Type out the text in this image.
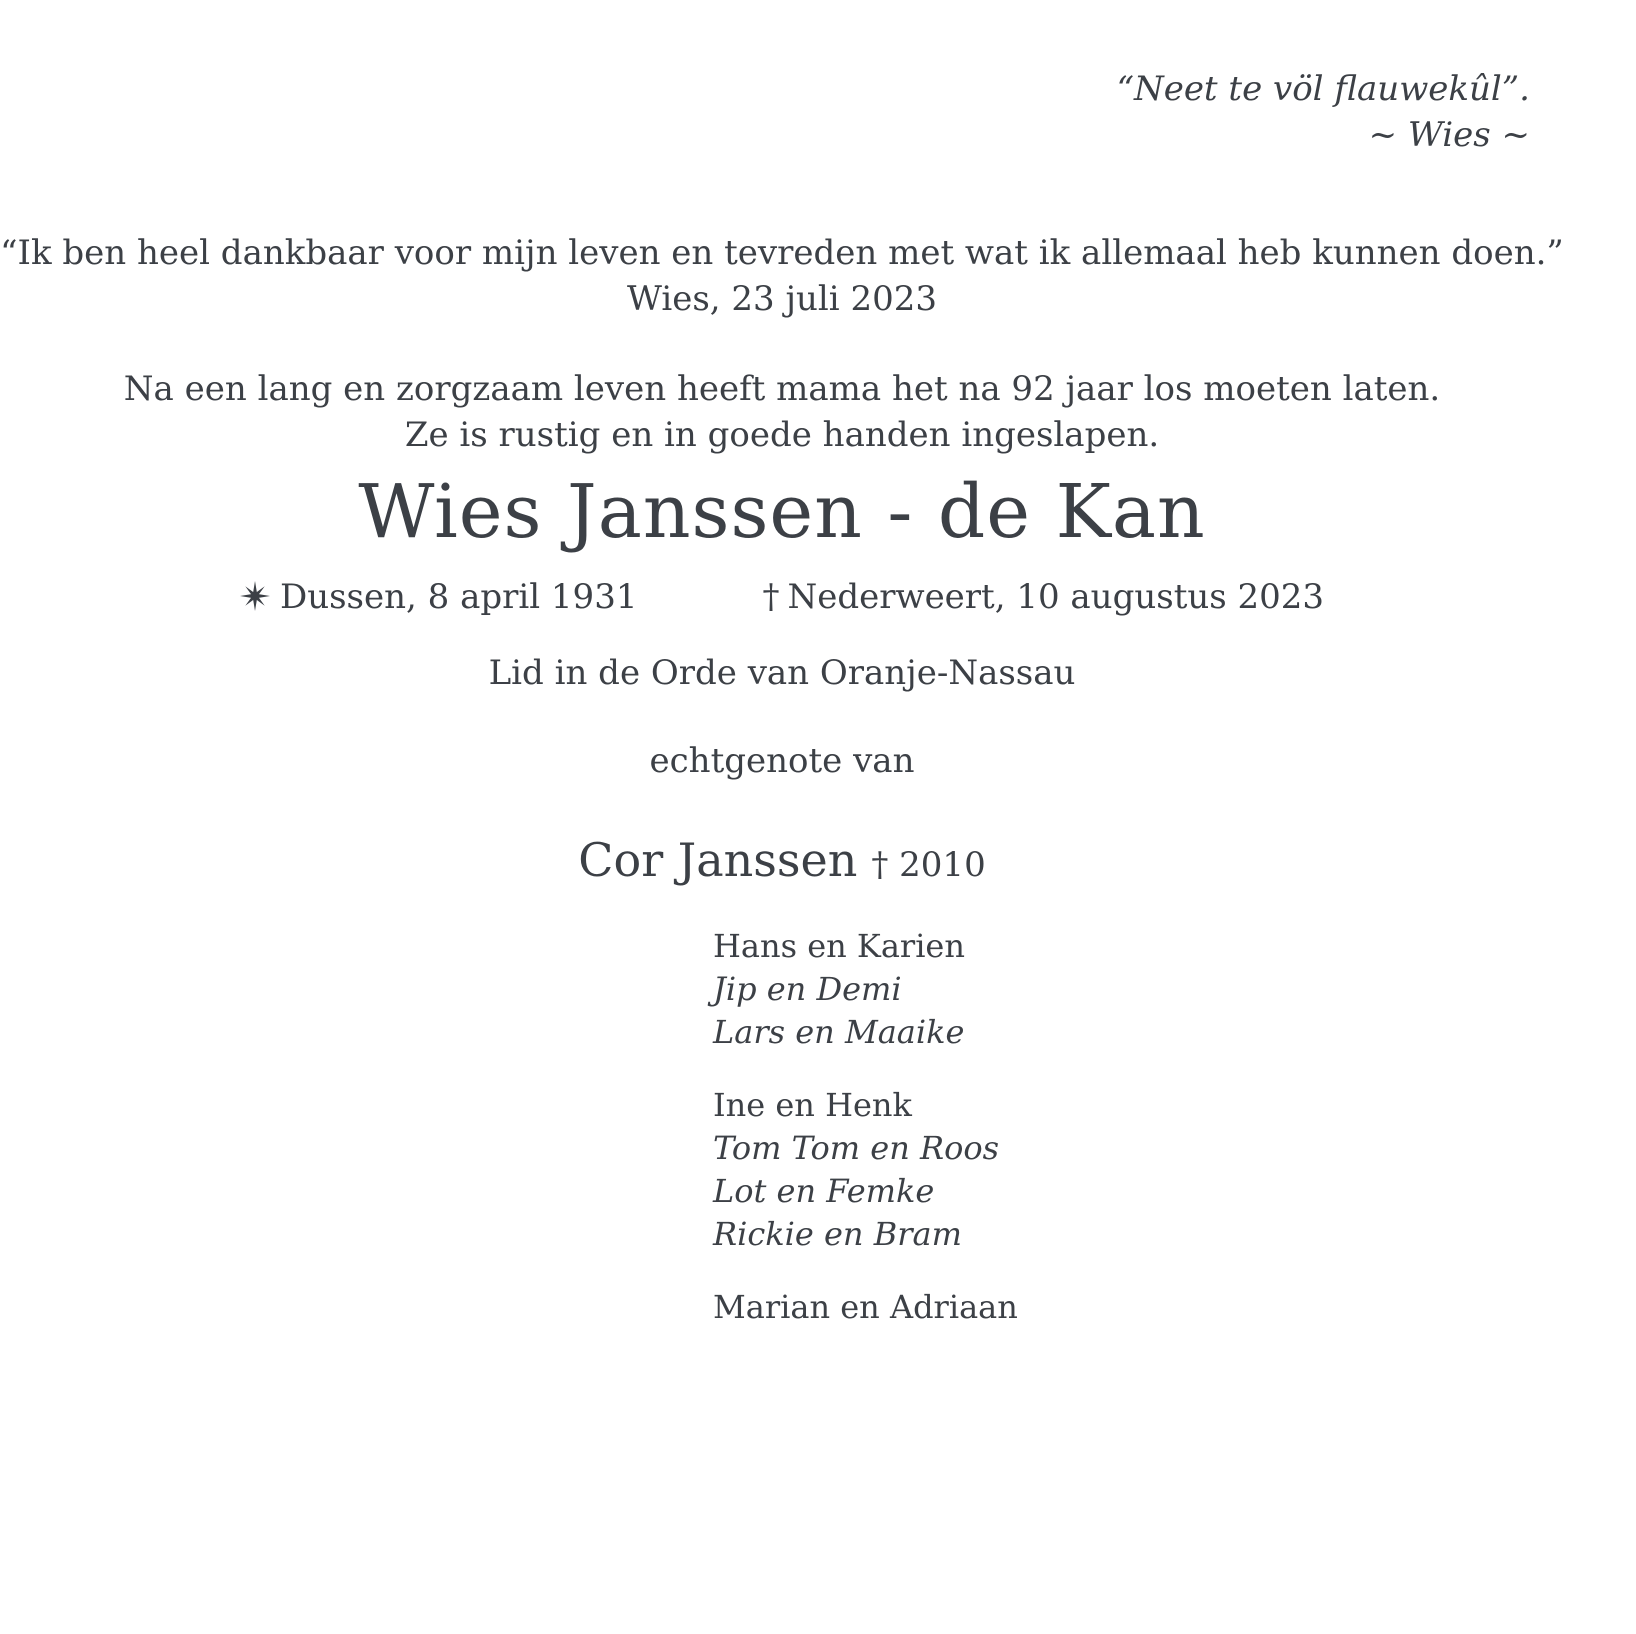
“Neet te völ flauwekûl”.
~ Wies ~

“Ik ben heel dankbaar voor mijn leven en tevreden met wat ik allemaal heb kunnen doen.”
Wies, 23 juli 2023

Na een lang en zorgzaam leven heeft mama het na 92 jaar los moeten laten.
Ze is rustig en in goede handen ingeslapen.

Wies Janssen - de Kan
Dussen, 8 april 1931	† Nederweert, 10 augustus 2023

Lid in de Orde van Oranje-Nassau

echtgenote van

Cor Janssen † 2010

Hans en Karien
Jip en Demi
Lars en Maaike
Ine en Henk
Tom Tom en Roos
Lot en Femke
Rickie en Bram
Marian en Adriaan
